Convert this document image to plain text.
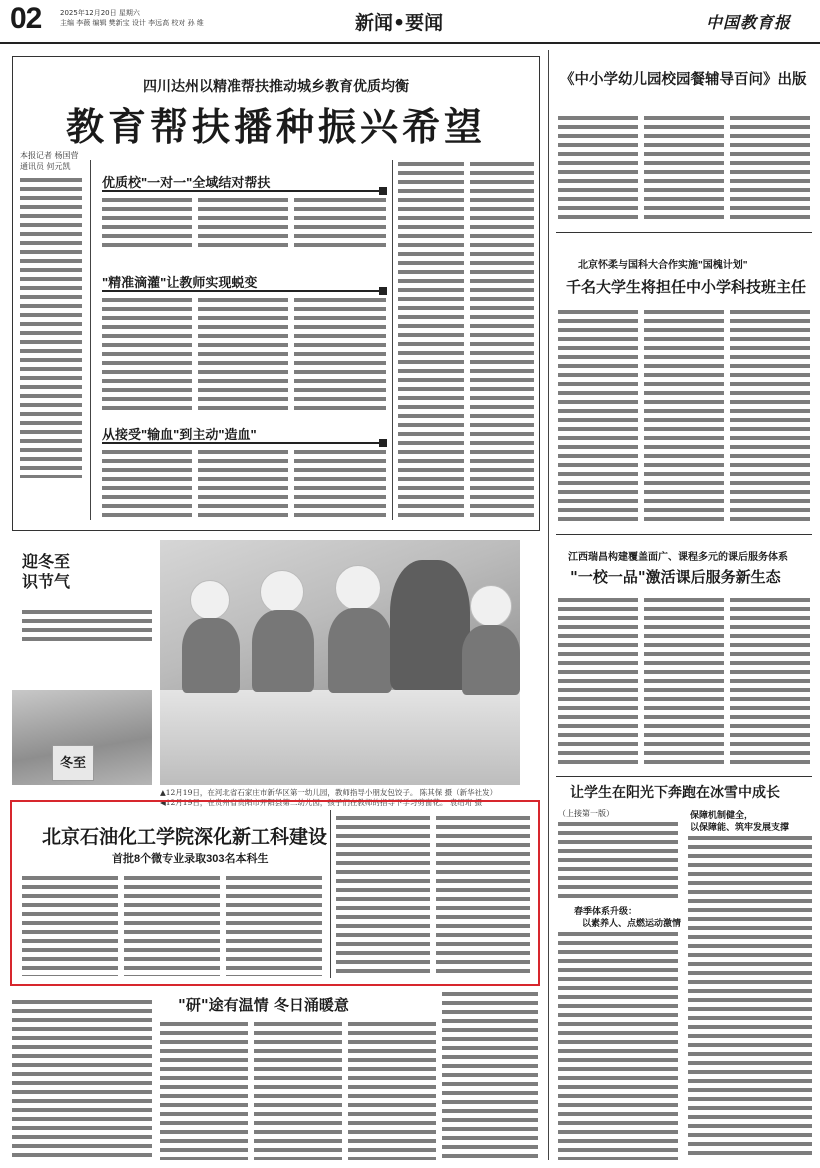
02	2025年12月20日 星期六
主编 李薇 编辑 樊新宝 设计 李远高 校对 孙 维	新闻•要闻	中国教育报
四川达州以精准帮扶推动城乡教育优质均衡
教育帮扶播种振兴希望
本报记者 杨国营 通讯员 何元凯
优质校"一对一"全域结对帮扶
"精准滴灌"让教师实现蜕变
从接受"输血"到主动"造血"
迎冬至
识节气
冬至
▲12月19日，在河北省石家庄市新华区第一幼儿园，教师指导小朋友包饺子。 陈其保 摄（新华社发）
◀12月19日，在贵州省贵阳市开阳县第二幼儿园，孩子们在教师的指导下学习剪窗花。 袁绍珩 摄
北京石油化工学院深化新工科建设
首批8个微专业录取303名本科生
"研"途有温情 冬日涌暖意
《中小学幼儿园校园餐辅导百问》出版
北京怀柔与国科大合作实施"国槐计划"
千名大学生将担任中小学科技班主任
江西瑞昌构建覆盖面广、课程多元的课后服务体系
"一校一品"激活课后服务新生态
让学生在阳光下奔跑在冰雪中成长
（上接第一版）
春季体系升级：
以素养人、点燃运动激情
保障机制健全，
以保障能、筑牢发展支撑
